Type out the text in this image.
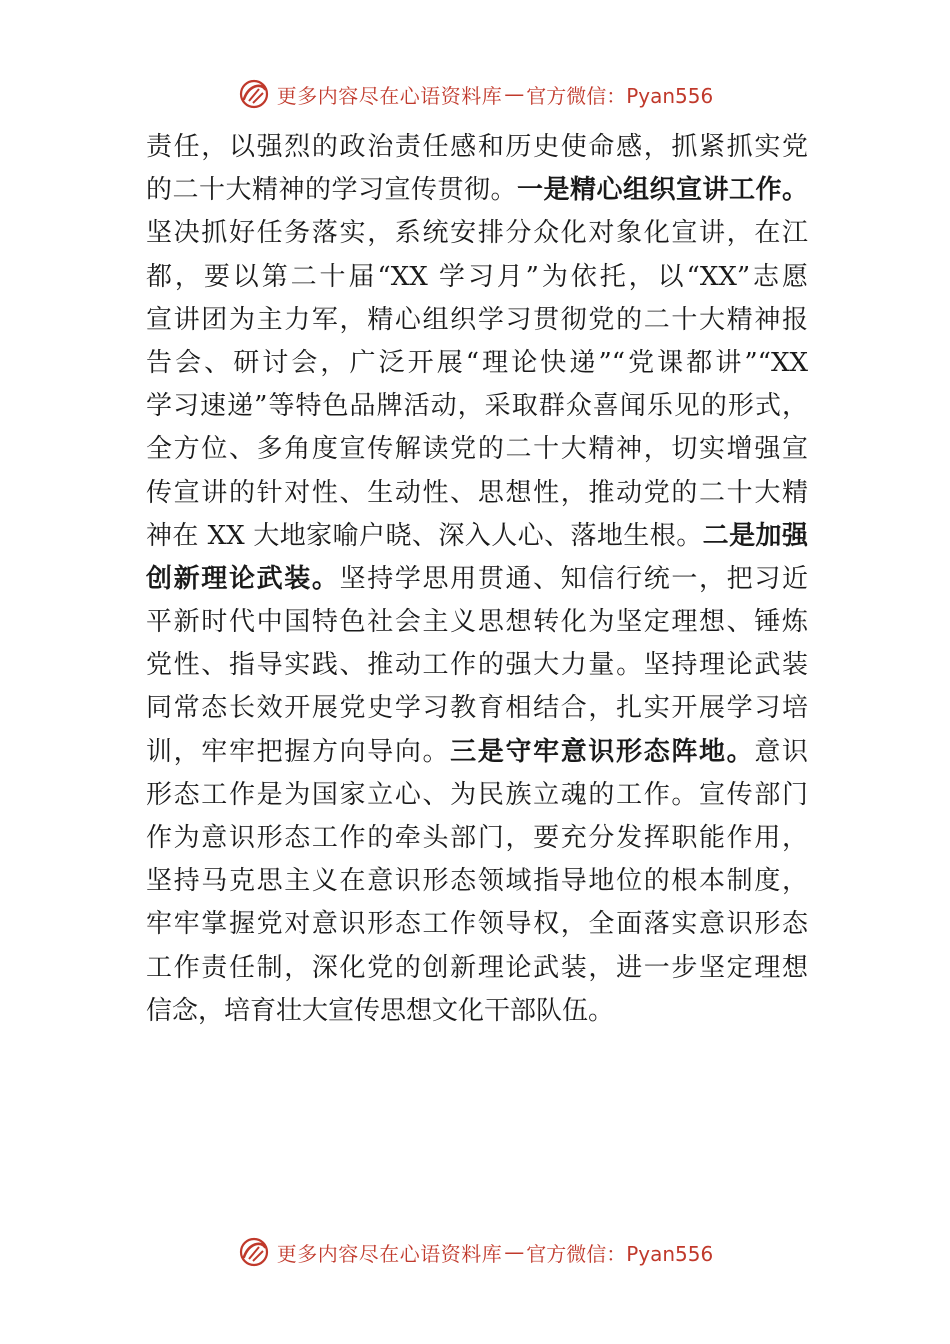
更多内容尽在心语资料库 — 官方微信：Pyan556
责任，以强烈的政治责任感和历史使命感，抓紧抓实党
的二十大精神的学习宣传贯彻。一是精心组织宣讲工作。
坚决抓好任务落实，系统安排分众化对象化宣讲，在江
都，要以第二十届“XX 学习月”为依托，以“XX”志愿
宣讲团为主力军，精心组织学习贯彻党的二十大精神报
告会、研讨会，广泛开展“理论快递”“党课都讲”“XX
学习速递”等特色品牌活动，采取群众喜闻乐见的形式，
全方位、多角度宣传解读党的二十大精神，切实增强宣
传宣讲的针对性、生动性、思想性，推动党的二十大精
神在 XX 大地家喻户晓、深入人心、落地生根。二是加强
创新理论武装。坚持学思用贯通、知信行统一，把习近
平新时代中国特色社会主义思想转化为坚定理想、锤炼
党性、指导实践、推动工作的强大力量。坚持理论武装
同常态长效开展党史学习教育相结合，扎实开展学习培
训，牢牢把握方向导向。三是守牢意识形态阵地。意识
形态工作是为国家立心、为民族立魂的工作。宣传部门
作为意识形态工作的牵头部门，要充分发挥职能作用，
坚持马克思主义在意识形态领域指导地位的根本制度，
牢牢掌握党对意识形态工作领导权，全面落实意识形态
工作责任制，深化党的创新理论武装，进一步坚定理想
信念，培育壮大宣传思想文化干部队伍。
更多内容尽在心语资料库 — 官方微信：Pyan556
